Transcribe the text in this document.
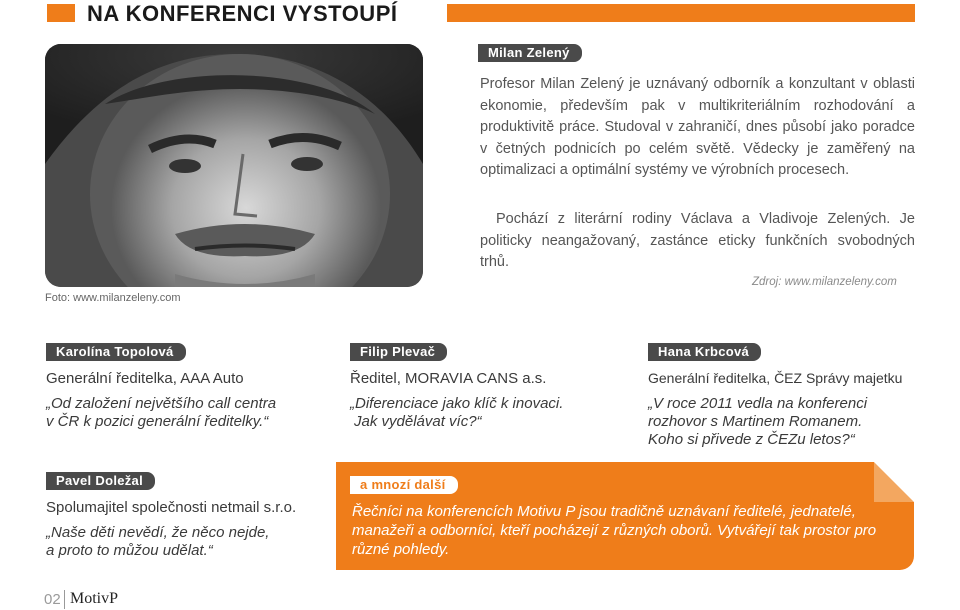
NA KONFERENCI VYSTOUPÍ
Foto: www.milanzeleny.com
Milan Zelený
Profesor Milan Zelený je uznávaný odborník a konzultant v oblasti ekonomie, především pak v multikriteriálním rozhodování a produktivitě práce. Studoval v zahraničí, dnes působí jako poradce v četných podnicích po celém světě. Vědecky je zaměřený na optimalizaci a optimální systémy ve výrobních procesech.
Pochází z literární rodiny Václava a Vladivoje Zelených. Je politicky neangažovaný, zastánce eticky funkčních svobodných trhů.
Zdroj: www.milanzeleny.com
Karolína Topolová
Generální ředitelka, AAA Auto
„Od založení největšího call centra
v ČR k pozici generální ředitelky.“
Filip Plevač
Ředitel, MORAVIA CANS a.s.
„Diferenciace jako klíč k inovaci.
Jak vydělávat víc?“
Hana Krbcová
Generální ředitelka, ČEZ Správy majetku
„V roce 2011 vedla na konferenci
rozhovor s Martinem Romanem.
Koho si přivede z ČEZu letos?“
Pavel Doležal
Spolumajitel společnosti netmail s.r.o.
„Naše děti nevědí, že něco nejde,
a proto to můžou udělat.“
a mnozí další
Řečníci na konferencích Motivu P jsou tradičně uznávaní ředitelé, jednatelé, manažeři a odborníci, kteří pocházejí z různých oborů. Vytvářejí tak prostor pro různé pohledy.
02 MotivP
